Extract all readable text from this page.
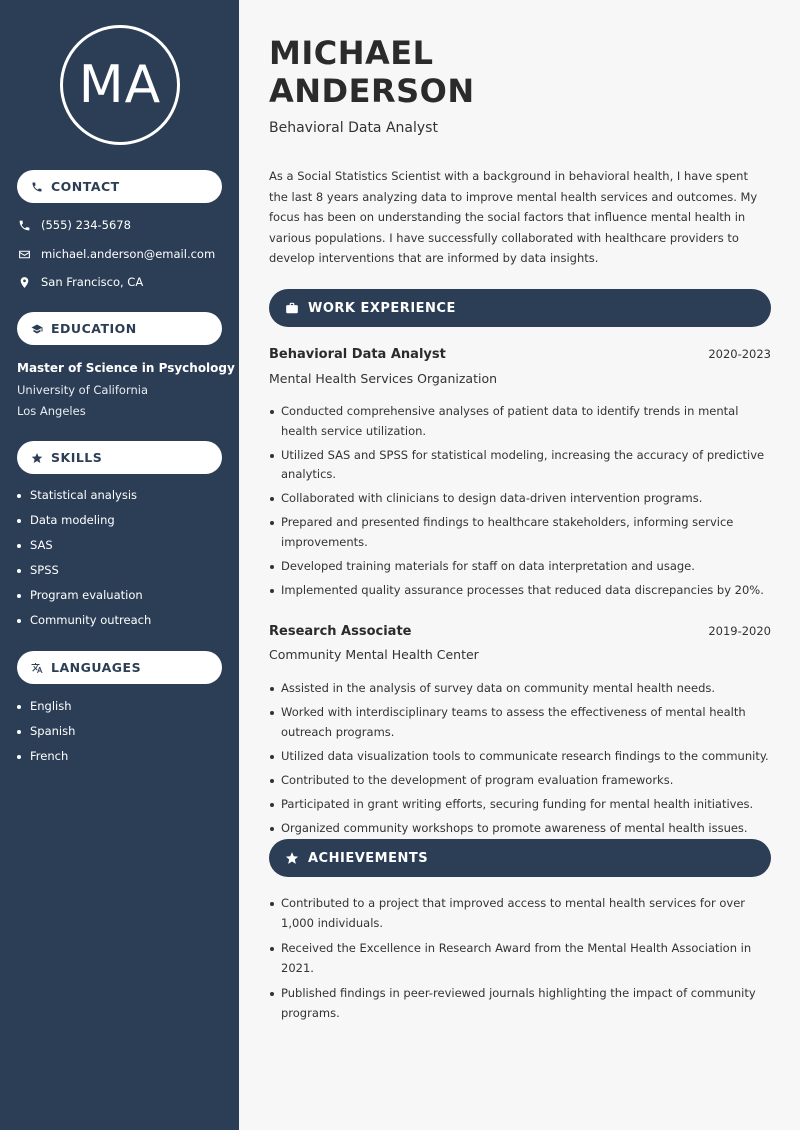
MA
CONTACT
(555) 234-5678
michael.anderson@email.com
San Francisco, CA
EDUCATION
Master of Science in Psychology
University of California
Los Angeles
SKILLS
Statistical analysis
Data modeling
SAS
SPSS
Program evaluation
Community outreach
LANGUAGES
English
Spanish
French
MICHAEL
ANDERSON
Behavioral Data Analyst
As a Social Statistics Scientist with a background in behavioral health, I have spent the last 8 years analyzing data to improve mental health services and outcomes. My focus has been on understanding the social factors that influence mental health in various populations. I have successfully collaborated with healthcare providers to develop interventions that are informed by data insights.
WORK EXPERIENCE
Behavioral Data Analyst	2020-2023
Mental Health Services Organization
Conducted comprehensive analyses of patient data to identify trends in mental health service utilization.
Utilized SAS and SPSS for statistical modeling, increasing the accuracy of predictive analytics.
Collaborated with clinicians to design data-driven intervention programs.
Prepared and presented findings to healthcare stakeholders, informing service improvements.
Developed training materials for staff on data interpretation and usage.
Implemented quality assurance processes that reduced data discrepancies by 20%.
Research Associate	2019-2020
Community Mental Health Center
Assisted in the analysis of survey data on community mental health needs.
Worked with interdisciplinary teams to assess the effectiveness of mental health outreach programs.
Utilized data visualization tools to communicate research findings to the community.
Contributed to the development of program evaluation frameworks.
Participated in grant writing efforts, securing funding for mental health initiatives.
Organized community workshops to promote awareness of mental health issues.
ACHIEVEMENTS
Contributed to a project that improved access to mental health services for over 1,000 individuals.
Received the Excellence in Research Award from the Mental Health Association in 2021.
Published findings in peer-reviewed journals highlighting the impact of community programs.
